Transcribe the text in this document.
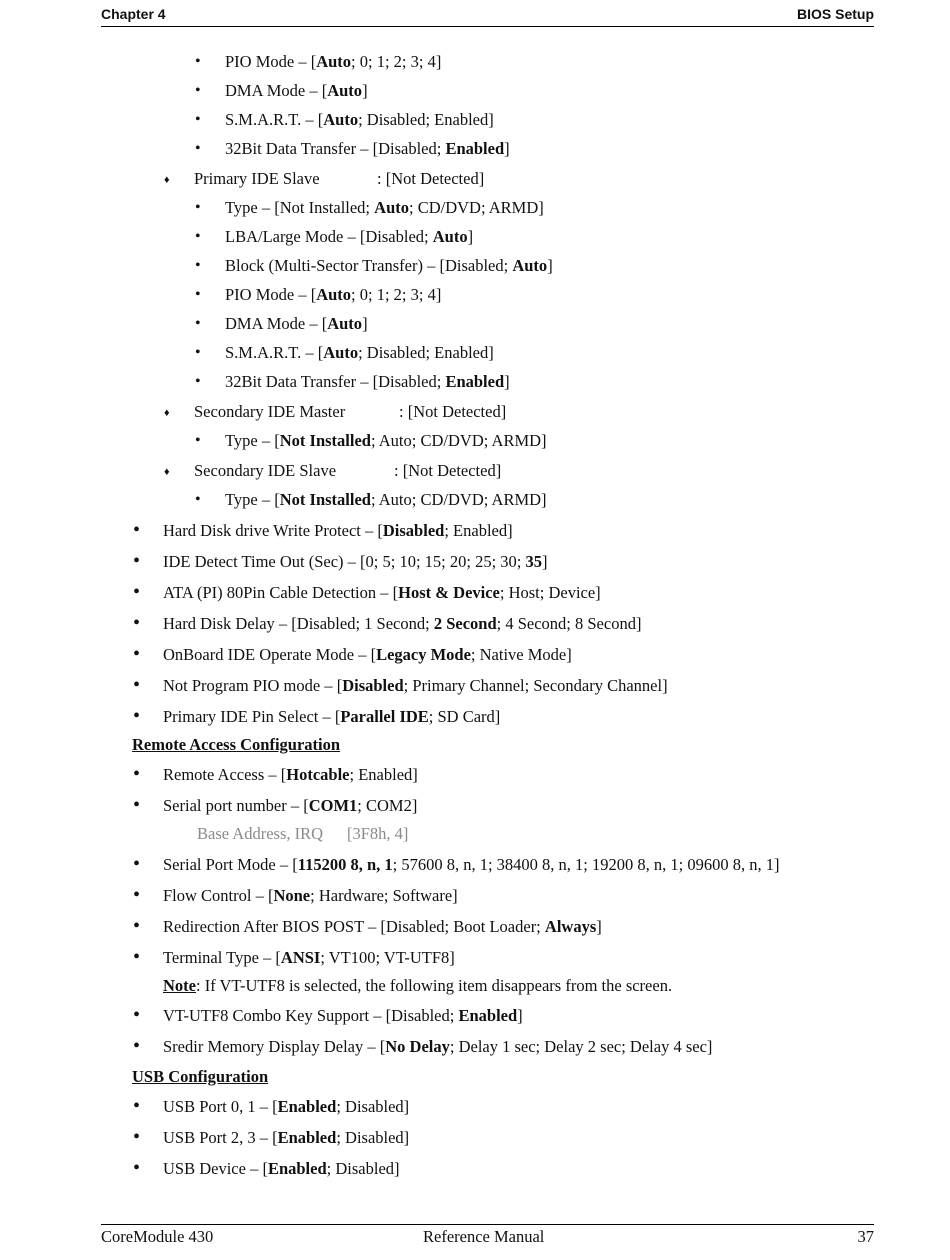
Chapter 4	BIOS Setup
• PIO Mode – [Auto; 0; 1; 2; 3; 4]
• DMA Mode – [Auto]
• S.M.A.R.T. – [Auto; Disabled; Enabled]
• 32Bit Data Transfer – [Disabled; Enabled]
♦ Primary IDE Slave	: [Not Detected]
• Type – [Not Installed; Auto; CD/DVD; ARMD]
• LBA/Large Mode – [Disabled; Auto]
• Block (Multi-Sector Transfer) – [Disabled; Auto]
• PIO Mode – [Auto; 0; 1; 2; 3; 4]
• DMA Mode – [Auto]
• S.M.A.R.T. – [Auto; Disabled; Enabled]
• 32Bit Data Transfer – [Disabled; Enabled]
♦ Secondary IDE Master	: [Not Detected]
• Type – [Not Installed; Auto; CD/DVD; ARMD]
♦ Secondary IDE Slave	: [Not Detected]
• Type – [Not Installed; Auto; CD/DVD; ARMD]
• Hard Disk drive Write Protect – [Disabled; Enabled]
• IDE Detect Time Out (Sec) – [0; 5; 10; 15; 20; 25; 30; 35]
• ATA (PI) 80Pin Cable Detection – [Host & Device; Host; Device]
• Hard Disk Delay – [Disabled; 1 Second; 2 Second; 4 Second; 8 Second]
• OnBoard IDE Operate Mode – [Legacy Mode; Native Mode]
• Not Program PIO mode – [Disabled; Primary Channel; Secondary Channel]
• Primary IDE Pin Select – [Parallel IDE; SD Card]
Remote Access Configuration
• Remote Access – [Hotcable; Enabled]
• Serial port number – [COM1; COM2]
Base Address, IRQ [3F8h, 4]
• Serial Port Mode – [115200 8, n, 1; 57600 8, n, 1; 38400 8, n, 1; 19200 8, n, 1; 09600 8, n, 1]
• Flow Control – [None; Hardware; Software]
• Redirection After BIOS POST – [Disabled; Boot Loader; Always]
• Terminal Type – [ANSI; VT100; VT-UTF8]
Note: If VT-UTF8 is selected, the following item disappears from the screen.
• VT-UTF8 Combo Key Support – [Disabled; Enabled]
• Sredir Memory Display Delay – [No Delay; Delay 1 sec; Delay 2 sec; Delay 4 sec]
USB Configuration
• USB Port 0, 1 – [Enabled; Disabled]
• USB Port 2, 3 – [Enabled; Disabled]
• USB Device – [Enabled; Disabled]
CoreModule 430	Reference Manual	37
